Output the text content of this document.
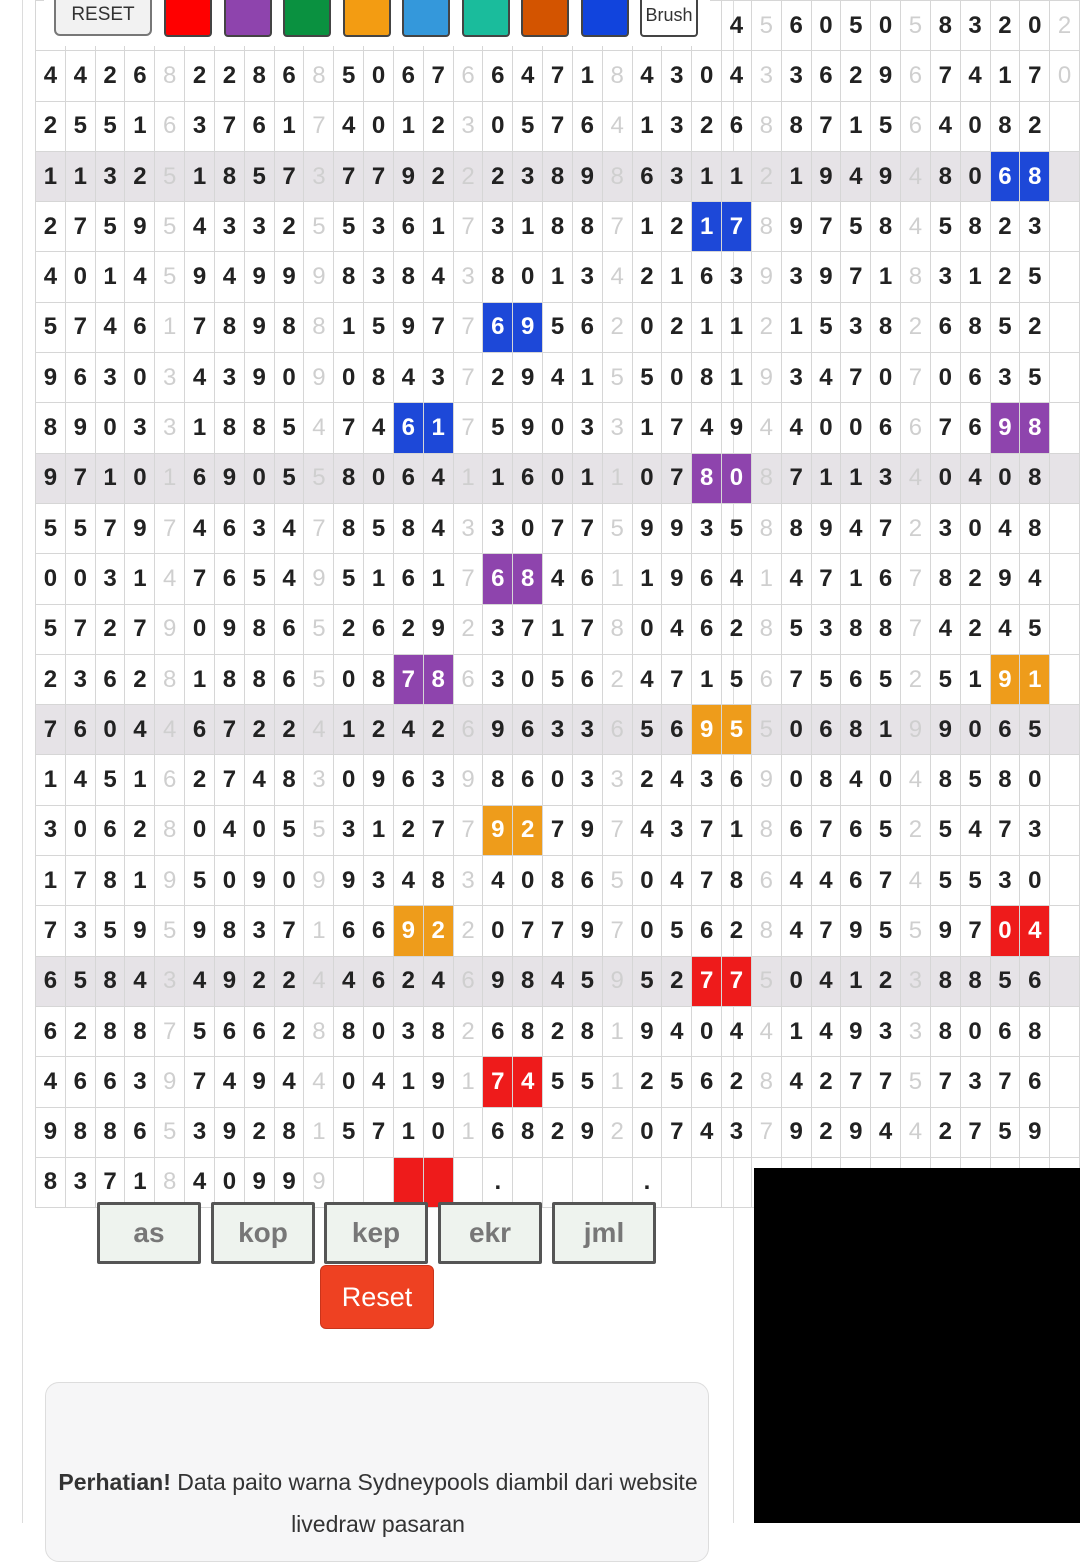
																							4	5	6	0	5	0	5	8	3	2	0	2
4	4	2	6	8	2	2	8	6	8	5	0	6	7	6	6	4	7	1	8	4	3	0	4	3	3	6	2	9	6	7	4	1	7	0
2	5	5	1	6	3	7	6	1	7	4	0	1	2	3	0	5	7	6	4	1	3	2	6	8	8	7	1	5	6	4	0	8	2	
1	1	3	2	5	1	8	5	7	3	7	7	9	2	2	2	3	8	9	8	6	3	1	1	2	1	9	4	9	4	8	0	6	8	
2	7	5	9	5	4	3	3	2	5	5	3	6	1	7	3	1	8	8	7	1	2	1	7	8	9	7	5	8	4	5	8	2	3	
4	0	1	4	5	9	4	9	9	9	8	3	8	4	3	8	0	1	3	4	2	1	6	3	9	3	9	7	1	8	3	1	2	5	
5	7	4	6	1	7	8	9	8	8	1	5	9	7	7	6	9	5	6	2	0	2	1	1	2	1	5	3	8	2	6	8	5	2	
9	6	3	0	3	4	3	9	0	9	0	8	4	3	7	2	9	4	1	5	5	0	8	1	9	3	4	7	0	7	0	6	3	5	
8	9	0	3	3	1	8	8	5	4	7	4	6	1	7	5	9	0	3	3	1	7	4	9	4	4	0	0	6	6	7	6	9	8	
9	7	1	0	1	6	9	0	5	5	8	0	6	4	1	1	6	0	1	1	0	7	8	0	8	7	1	1	3	4	0	4	0	8	
5	5	7	9	7	4	6	3	4	7	8	5	8	4	3	3	0	7	7	5	9	9	3	5	8	8	9	4	7	2	3	0	4	8	
0	0	3	1	4	7	6	5	4	9	5	1	6	1	7	6	8	4	6	1	1	9	6	4	1	4	7	1	6	7	8	2	9	4	
5	7	2	7	9	0	9	8	6	5	2	6	2	9	2	3	7	1	7	8	0	4	6	2	8	5	3	8	8	7	4	2	4	5	
2	3	6	2	8	1	8	8	6	5	0	8	7	8	6	3	0	5	6	2	4	7	1	5	6	7	5	6	5	2	5	1	9	1	
7	6	0	4	4	6	7	2	2	4	1	2	4	2	6	9	6	3	3	6	5	6	9	5	5	0	6	8	1	9	9	0	6	5	
1	4	5	1	6	2	7	4	8	3	0	9	6	3	9	8	6	0	3	3	2	4	3	6	9	0	8	4	0	4	8	5	8	0	
3	0	6	2	8	0	4	0	5	5	3	1	2	7	7	9	2	7	9	7	4	3	7	1	8	6	7	6	5	2	5	4	7	3	
1	7	8	1	9	5	0	9	0	9	9	3	4	8	3	4	0	8	6	5	0	4	7	8	6	4	4	6	7	4	5	5	3	0	
7	3	5	9	5	9	8	3	7	1	6	6	9	2	2	0	7	7	9	7	0	5	6	2	8	4	7	9	5	5	9	7	0	4	
6	5	8	4	3	4	9	2	2	4	4	6	2	4	6	9	8	4	5	9	5	2	7	7	5	0	4	1	2	3	8	8	5	6	
6	2	8	8	7	5	6	6	2	8	8	0	3	8	2	6	8	2	8	1	9	4	0	4	4	1	4	9	3	3	8	0	6	8	
4	6	6	3	9	7	4	9	4	4	0	4	1	9	1	7	4	5	5	1	2	5	6	2	8	4	2	7	7	5	7	3	7	6	
9	8	8	6	5	3	9	2	8	1	5	7	1	0	1	6	8	2	9	2	0	7	4	3	7	9	2	9	4	4	2	7	5	9	
8	3	7	1	8	4	0	9	9	9						.					.														
RESET	Brush
as	kop	kep	ekr	jml
Reset
Perhatian! Data paito warna Sydneypools diambil dari website livedraw pasaran
